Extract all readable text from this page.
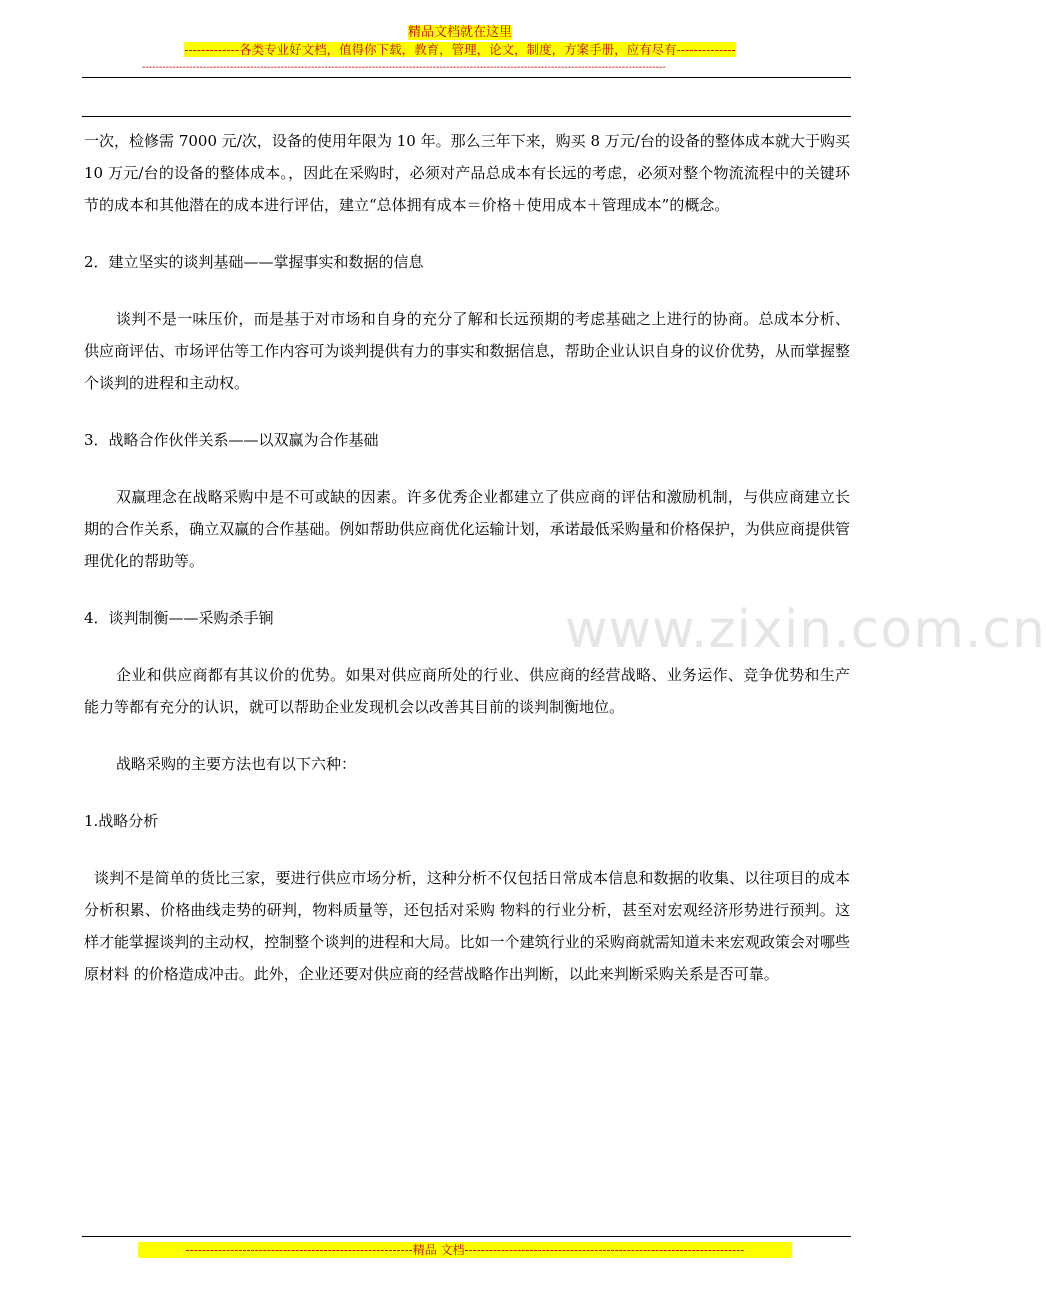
精品文档就在这里
-------------各类专业好文档，值得你下载，教育，管理，论文，制度，方案手册，应有尽有--------------
-----------------------------------------------------------------------------------------------------------------------------------------------------------
www.zixin.com.cn

一次，检修需 7000 元/次，设备的使用年限为 10 年。那么三年下来，购买 8 万元/台的设备的整体成本就大于购买 10 万元/台的设备的整体成本。，因此在采购时，必须对产品总成本有长远的考虑，必须对整个物流流程中的关键环节的成本和其他潜在的成本进行评估，建立“总体拥有成本＝价格＋使用成本＋管理成本”的概念。

2．建立坚实的谈判基础——掌握事实和数据的信息

谈判不是一味压价，而是基于对市场和自身的充分了解和长远预期的考虑基础之上进行的协商。总成本分析、供应商评估、市场评估等工作内容可为谈判提供有力的事实和数据信息，帮助企业认识自身的议价优势，从而掌握整个谈判的进程和主动权。

3．战略合作伙伴关系——以双赢为合作基础

双赢理念在战略采购中是不可或缺的因素。许多优秀企业都建立了供应商的评估和激励机制，与供应商建立长期的合作关系，确立双赢的合作基础。例如帮助供应商优化运输计划，承诺最低采购量和价格保护，为供应商提供管理优化的帮助等。

4．谈判制衡——采购杀手锏

企业和供应商都有其议价的优势。如果对供应商所处的行业、供应商的经营战略、业务运作、竞争优势和生产能力等都有充分的认识，就可以帮助企业发现机会以改善其目前的谈判制衡地位。

战略采购的主要方法也有以下六种：

1.战略分析

谈判不是简单的货比三家，要进行供应市场分析，这种分析不仅包括日常成本信息和数据的收集、以往项目的成本分析积累、价格曲线走势的研判，物料质量等，还包括对采购 物料的行业分析，甚至对宏观经济形势进行预判。这样才能掌握谈判的主动权，控制整个谈判的进程和大局。比如一个建筑行业的采购商就需知道未来宏观政策会对哪些原材料 的价格造成冲击。此外，企业还要对供应商的经营战略作出判断，以此来判断采购关系是否可靠。

--------------------------------------------------------精品 文档---------------------------------------------------------------------
